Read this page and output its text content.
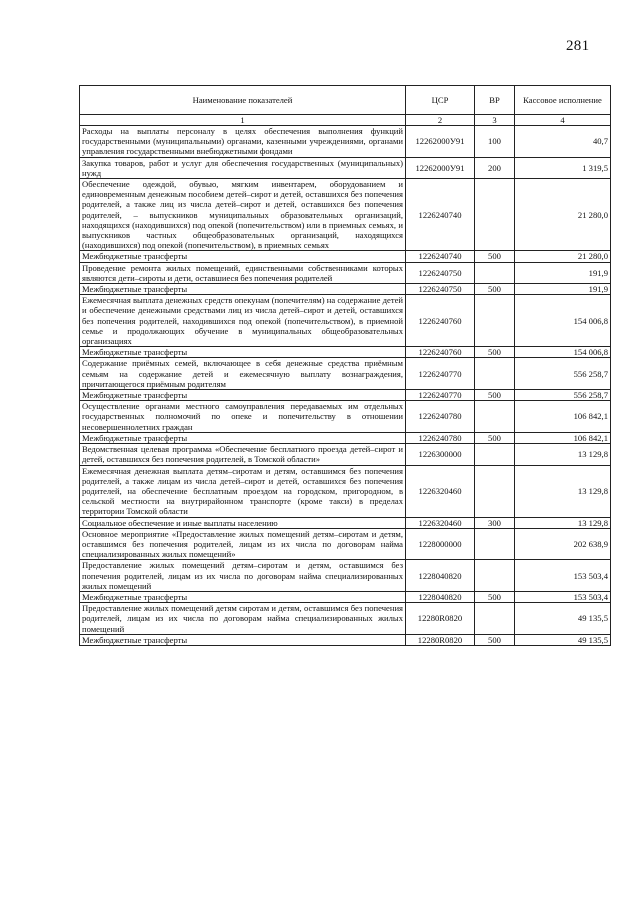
281
Наименование показателей	ЦСР	ВР	Кассовое исполнение
1	2	3	4
Расходы на выплаты персоналу в целях обеспечения выполнения функций государственными (муниципальными) органами, казенными учреждениями, органами управления государственными внебюджетными фондами	12262000У91	100	40,7
Закупка товаров, работ и услуг для обеспечения государственных (муниципальных) нужд	12262000У91	200	1 319,5
Обеспечение одеждой, обувью, мягким инвентарем, оборудованием и единовременным денежным пособием детей–сирот и детей, оставшихся без попечения родителей, а также лиц из числа детей–сирот и детей, оставшихся без попечения родителей, – выпускников муниципальных образовательных организаций, находящихся (находившихся) под опекой (попечительством) или в приемных семьях, и выпускников частных общеобразовательных организаций, находящихся (находившихся) под опекой (попечительством), в приемных семьях	1226240740		21 280,0
Межбюджетные трансферты	1226240740	500	21 280,0
Проведение ремонта жилых помещений, единственными собственниками которых являются дети–сироты и дети, оставшиеся без попечения родителей	1226240750		191,9
Межбюджетные трансферты	1226240750	500	191,9
Ежемесячная выплата денежных средств опекунам (попечителям) на содержание детей и обеспечение денежными средствами лиц из числа детей–сирот и детей, оставшихся без попечения родителей, находившихся под опекой (попечительством), в приемной семье и продолжающих обучение в муниципальных общеобразовательных организациях	1226240760		154 006,8
Межбюджетные трансферты	1226240760	500	154 006,8
Содержание приёмных семей, включающее в себя денежные средства приёмным семьям на содержание детей и ежемесячную выплату вознаграждения, причитающегося приёмным родителям	1226240770		556 258,7
Межбюджетные трансферты	1226240770	500	556 258,7
Осуществление органами местного самоуправления передаваемых им отдельных государственных полномочий по опеке и попечительству в отношении несовершеннолетних граждан	1226240780		106 842,1
Межбюджетные трансферты	1226240780	500	106 842,1
Ведомственная целевая программа «Обеспечение бесплатного проезда детей–сирот и детей, оставшихся без попечения родителей, в Томской области»	1226300000		13 129,8
Ежемесячная денежная выплата детям–сиротам и детям, оставшимся без попечения родителей, а также лицам из числа детей–сирот и детей, оставшихся без попечения родителей, на обеспечение бесплатным проездом на городском, пригородном, в сельской местности на внутрирайонном транспорте (кроме такси) в пределах территории Томской области	1226320460		13 129,8
Социальное обеспечение и иные выплаты населению	1226320460	300	13 129,8
Основное мероприятие «Предоставление жилых помещений детям–сиротам и детям, оставшимся без попечения родителей, лицам из их числа по договорам найма специализированных жилых помещений»	1228000000		202 638,9
Предоставление жилых помещений детям–сиротам и детям, оставшимся без попечения родителей, лицам из их числа по договорам найма специализированных жилых помещений	1228040820		153 503,4
Межбюджетные трансферты	1228040820	500	153 503,4
Предоставление жилых помещений детям сиротам и детям, оставшимся без попечения родителей, лицам из их числа по договорам найма специализированных жилых помещений	12280R0820		49 135,5
Межбюджетные трансферты	12280R0820	500	49 135,5
